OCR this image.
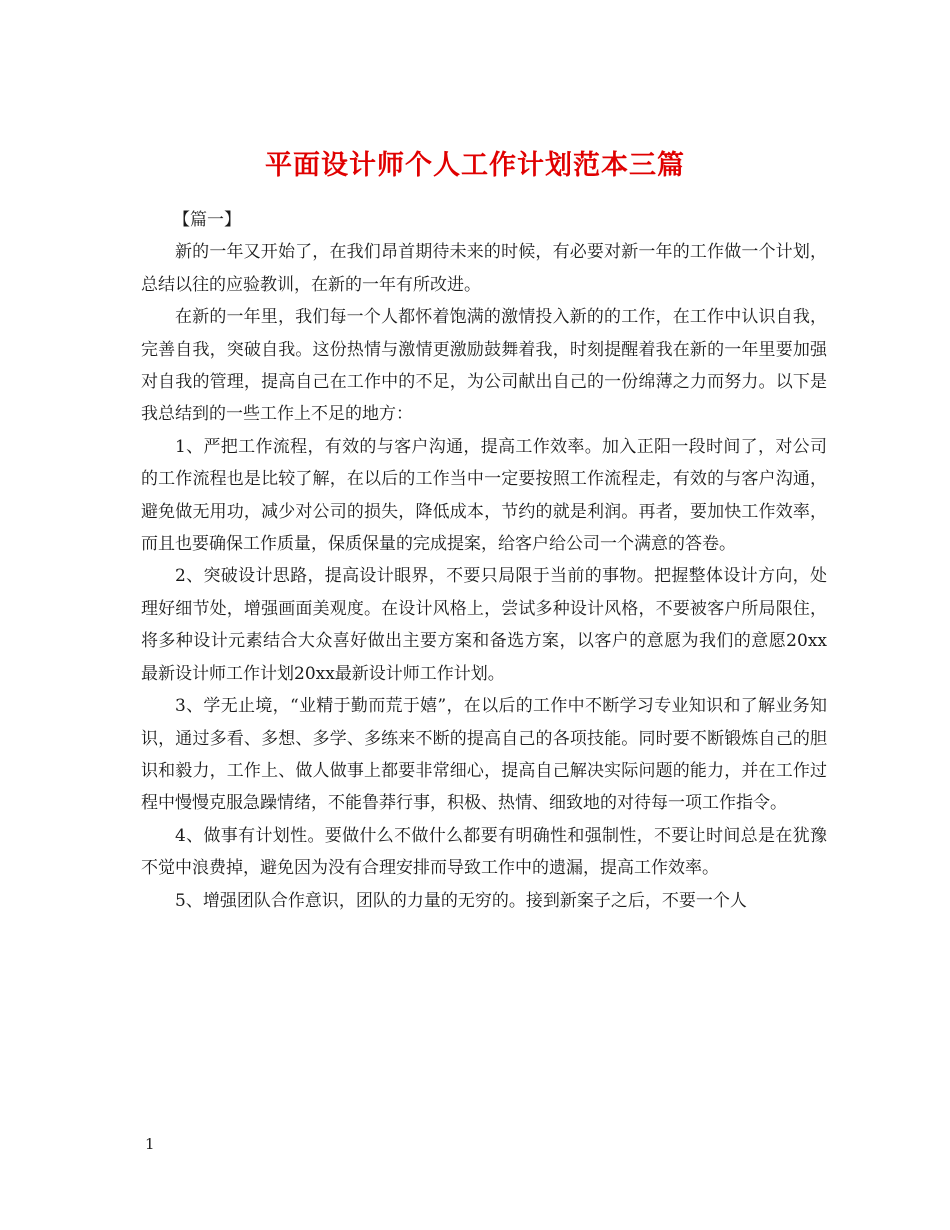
平面设计师个人工作计划范本三篇

【篇一】

新的一年又开始了，在我们昂首期待未来的时候，有必要对新一年的工作做一个计划，总结以往的应验教训，在新的一年有所改进。

在新的一年里，我们每一个人都怀着饱满的激情投入新的的工作，在工作中认识自我，完善自我，突破自我。这份热情与激情更激励鼓舞着我，时刻提醒着我在新的一年里要加强对自我的管理，提高自己在工作中的不足，为公司献出自己的一份绵薄之力而努力。以下是我总结到的一些工作上不足的地方：

1、严把工作流程，有效的与客户沟通，提高工作效率。加入正阳一段时间了，对公司的工作流程也是比较了解，在以后的工作当中一定要按照工作流程走，有效的与客户沟通，避免做无用功，减少对公司的损失，降低成本，节约的就是利润。再者，要加快工作效率，而且也要确保工作质量，保质保量的完成提案，给客户给公司一个满意的答卷。

2、突破设计思路，提高设计眼界，不要只局限于当前的事物。把握整体设计方向，处理好细节处，增强画面美观度。在设计风格上，尝试多种设计风格，不要被客户所局限住，将多种设计元素结合大众喜好做出主要方案和备选方案，以客户的意愿为我们的意愿20xx最新设计师工作计划20xx最新设计师工作计划。

3、学无止境，“业精于勤而荒于嬉”，在以后的工作中不断学习专业知识和了解业务知识，通过多看、多想、多学、多练来不断的提高自己的各项技能。同时要不断锻炼自己的胆识和毅力，工作上、做人做事上都要非常细心，提高自己解决实际问题的能力，并在工作过程中慢慢克服急躁情绪，不能鲁莽行事，积极、热情、细致地的对待每一项工作指令。

4、做事有计划性。要做什么不做什么都要有明确性和强制性，不要让时间总是在犹豫不觉中浪费掉，避免因为没有合理安排而导致工作中的遗漏，提高工作效率。

5、增强团队合作意识，团队的力量的无穷的。接到新案子之后，不要一个人

1
